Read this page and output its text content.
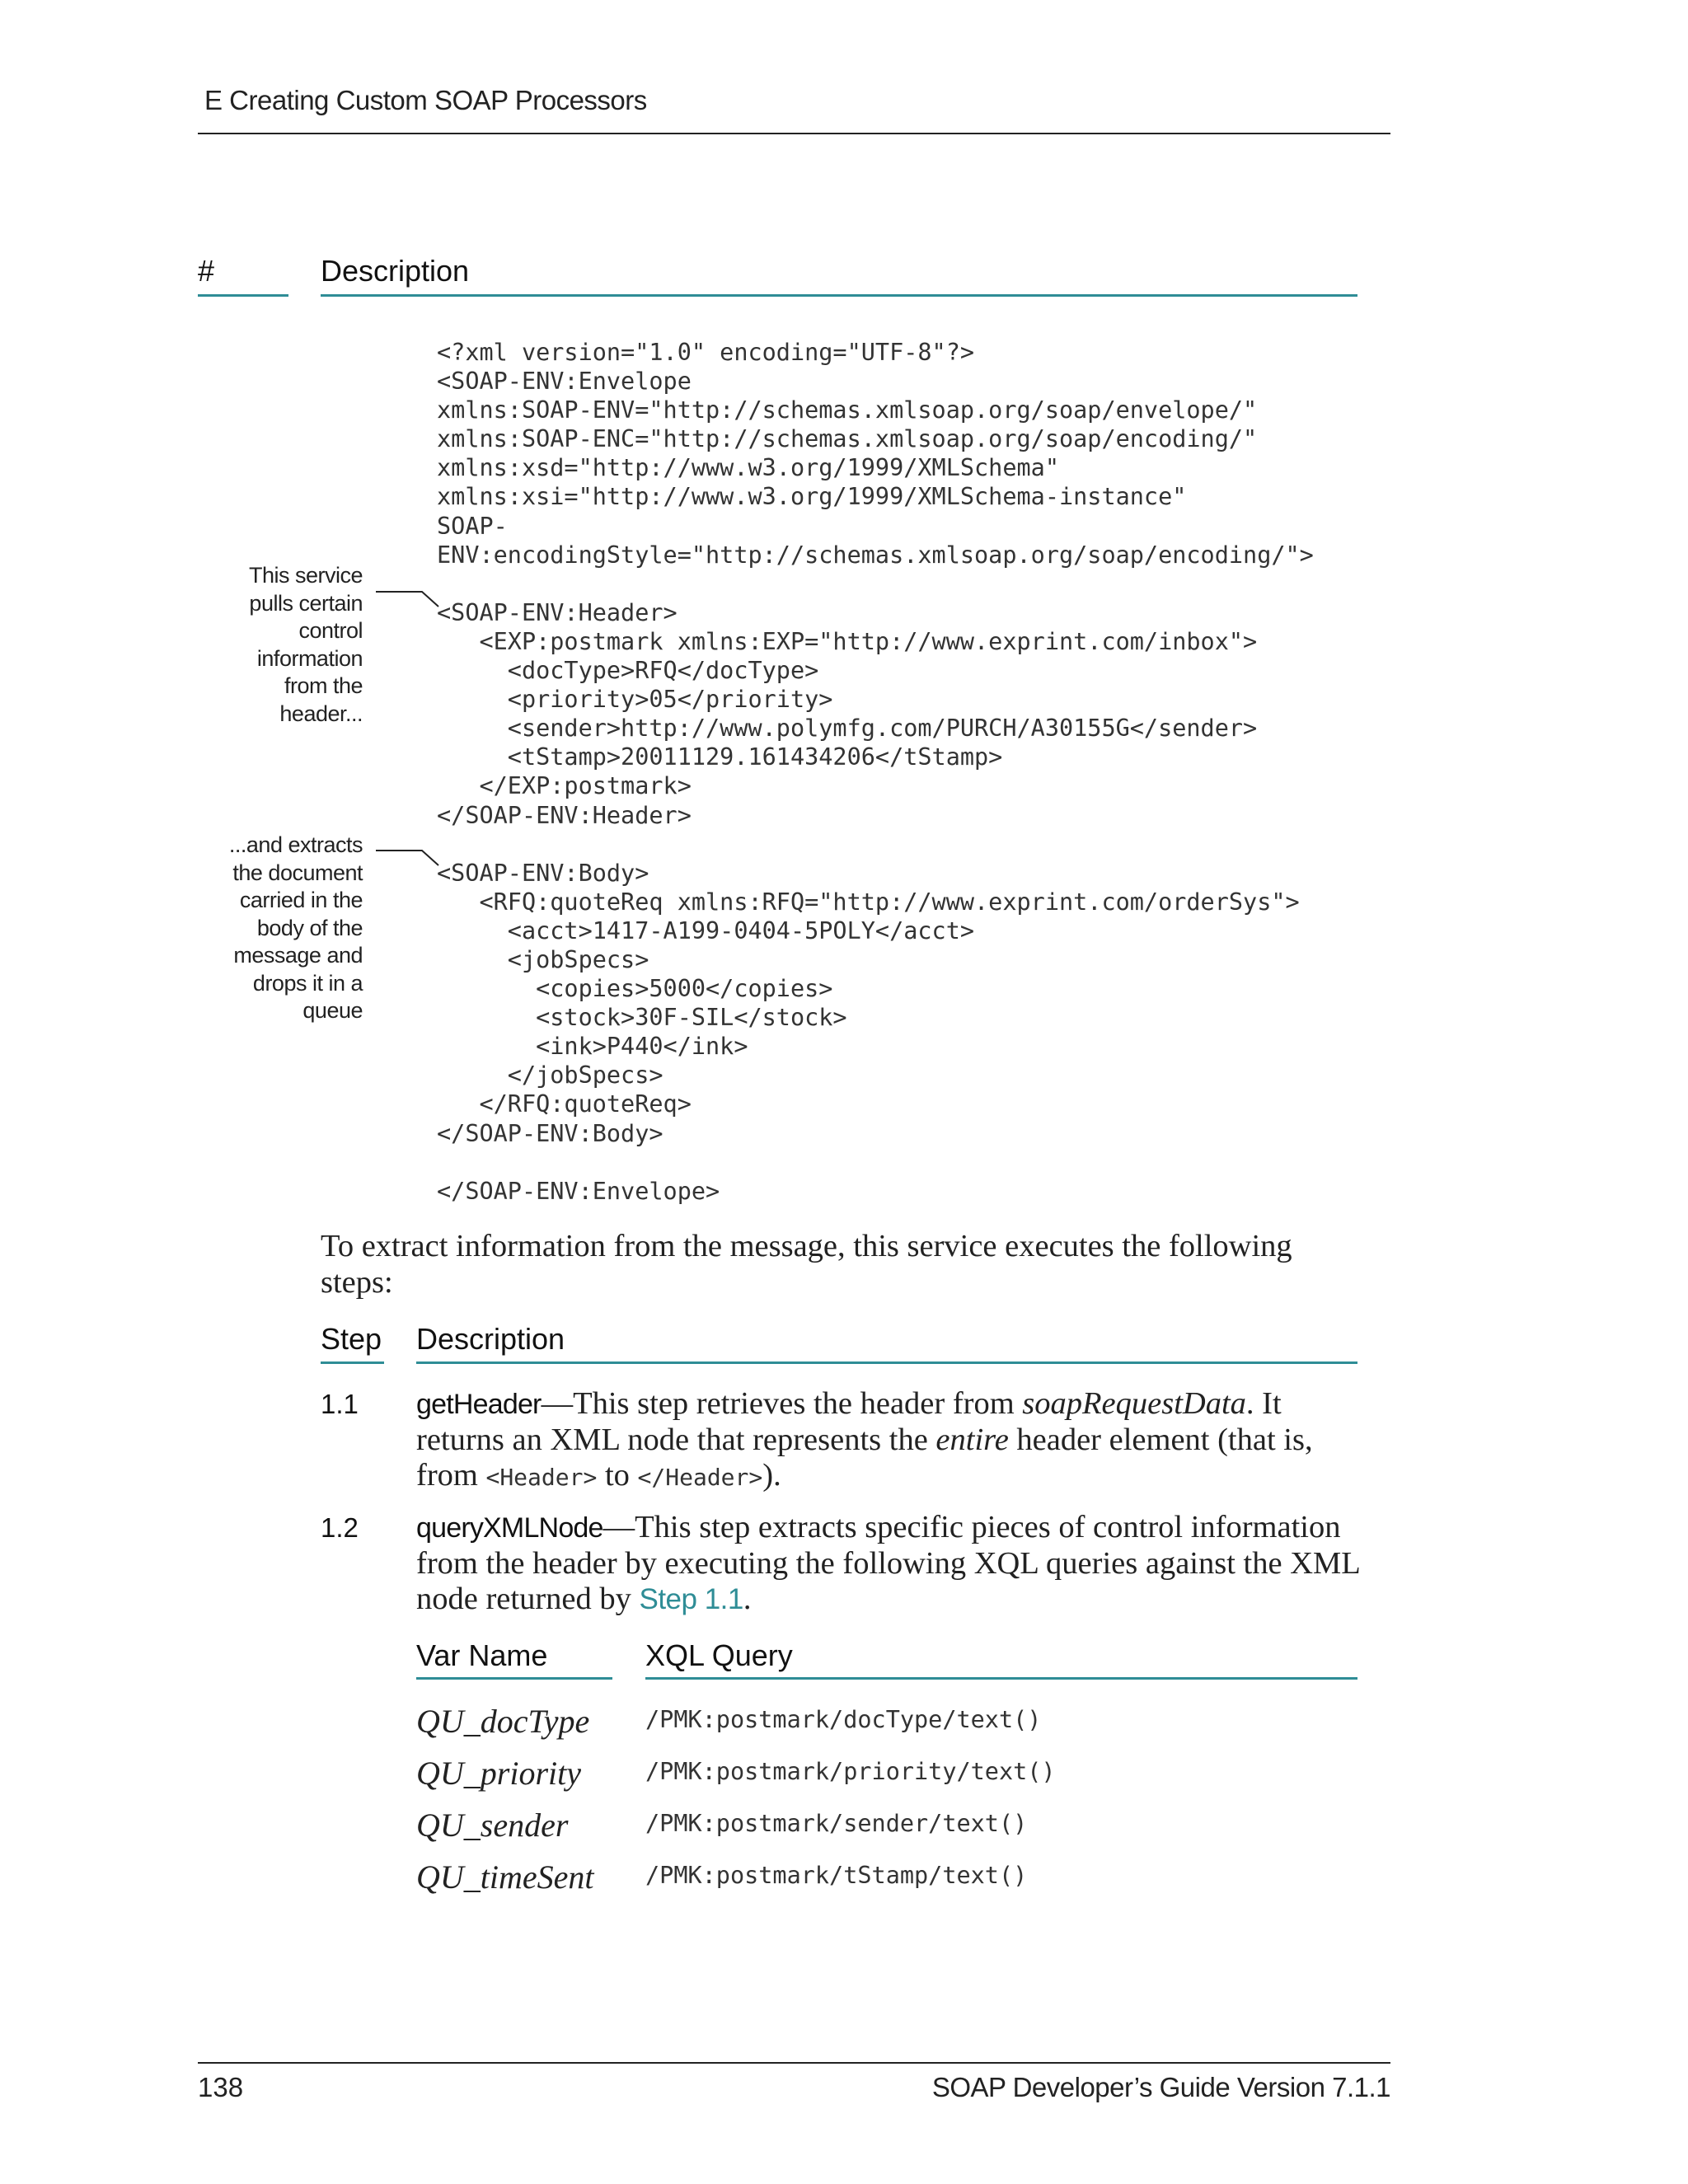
E Creating Custom SOAP Processors
#	Description
<?xml version="1.0" encoding="UTF-8"?>
<SOAP-ENV:Envelope
xmlns:SOAP-ENV="http://schemas.xmlsoap.org/soap/envelope/"
xmlns:SOAP-ENC="http://schemas.xmlsoap.org/soap/encoding/"
xmlns:xsd="http://www.w3.org/1999/XMLSchema"
xmlns:xsi="http://www.w3.org/1999/XMLSchema-instance"
SOAP-
ENV:encodingStyle="http://schemas.xmlsoap.org/soap/encoding/">

<SOAP-ENV:Header>
<EXP:postmark xmlns:EXP="http://www.exprint.com/inbox">
<docType>RFQ</docType>
<priority>05</priority>
<sender>http://www.polymfg.com/PURCH/A30155G</sender>
<tStamp>20011129.161434206</tStamp>
</EXP:postmark>
</SOAP-ENV:Header>

<SOAP-ENV:Body>
<RFQ:quoteReq xmlns:RFQ="http://www.exprint.com/orderSys">
<acct>1417-A199-0404-5POLY</acct>
<jobSpecs>
<copies>5000</copies>
<stock>30F-SIL</stock>
<ink>P440</ink>
</jobSpecs>
</RFQ:quoteReq>
</SOAP-ENV:Body>

</SOAP-ENV:Envelope>
This service
pulls certain
control
information
from the
header...
...and extracts
the document
carried in the
body of the
message and
drops it in a
queue
To extract information from the message, this service executes the following steps:
Step Description
1.1 getHeader—This step retrieves the header from soapRequestData. It returns an XML node that represents the entire header element (that is, from <Header> to </Header>).
1.2 queryXMLNode—This step extracts specific pieces of control information from the header by executing the following XQL queries against the XML node returned by Step 1.1.
Var Name	XQL Query
QU_docType /PMK:postmark/docType/text()
QU_priority	/PMK:postmark/priority/text()
QU_sender	/PMK:postmark/sender/text()
QU_timeSent /PMK:postmark/tStamp/text()
138	SOAP Developer’s Guide Version 7.1.1
